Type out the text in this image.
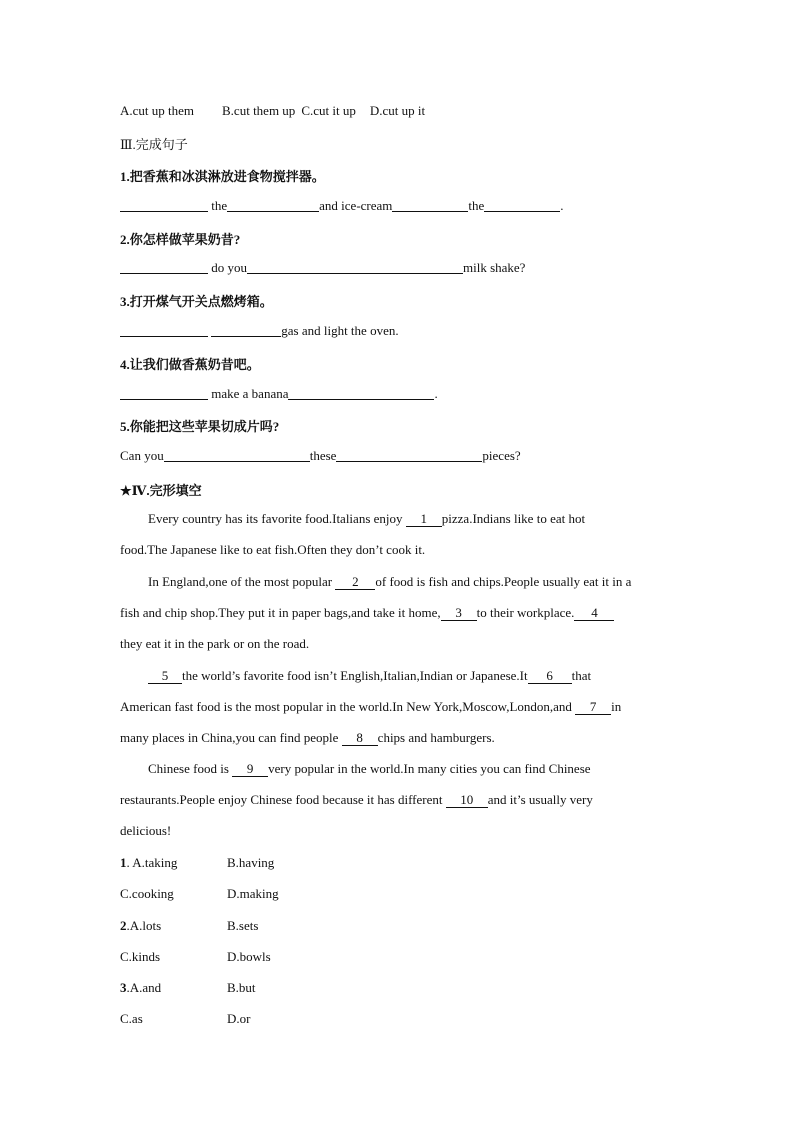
A.cut up them B.cut them up C.cut it up D.cut up it
Ⅲ.完成句子
1.把香蕉和冰淇淋放进食物搅拌器。
the	and ice-cream	the	.
2.你怎样做苹果奶昔?
do you	milk shake?
3.打开煤气开关点燃烤箱。
gas and light the oven.
4.让我们做香蕉奶昔吧。
make a banana	.
5.你能把这些苹果切成片吗?
Can you	these	pieces?
★Ⅳ.完形填空
Every country has its favorite food.Italians enjoy 1 pizza.Indians like to eat hot
food.The Japanese like to eat fish.Often they don’t cook it.
In England,one of the most popular 2 of food is fish and chips.People usually eat it in a
fish and chip shop.They put it in paper bags,and take it home, 3 to their workplace. 4
they eat it in the park or on the road.
5 the world’s favorite food isn’t English,Italian,Indian or Japanese.It 6 that
American fast food is the most popular in the world.In New York,Moscow,London,and 7 in
many places in China,you can find people 8 chips and hamburgers.
Chinese food is 9 very popular in the world.In many cities you can find Chinese
restaurants.People enjoy Chinese food because it has different 10 and it’s usually very
delicious!
1. A.taking	B.having
C.cooking	D.making
2.A.lots	B.sets
C.kinds	D.bowls
3.A.and	B.but
C.as	D.or
